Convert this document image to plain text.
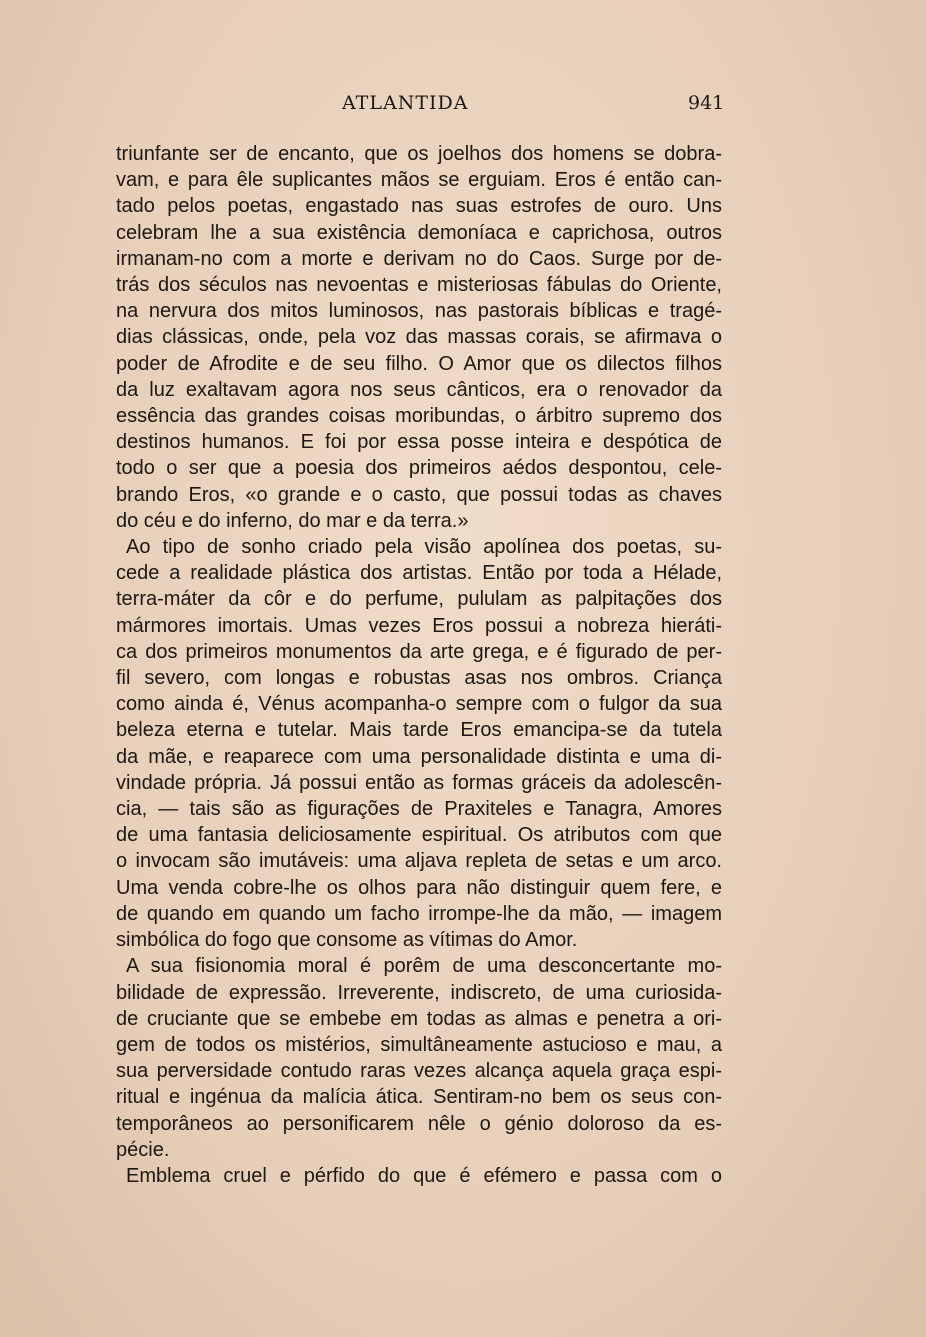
ATLANTIDA	941

triunfante ser de encanto, que os joelhos dos homens se dobra-
vam, e para êle suplicantes mãos se erguiam. Eros é então can-
tado pelos poetas, engastado nas suas estrofes de ouro. Uns
celebram lhe a sua existência demoníaca e caprichosa, outros
irmanam-no com a morte e derivam no do Caos. Surge por de-
trás dos séculos nas nevoentas e misteriosas fábulas do Oriente,
na nervura dos mitos luminosos, nas pastorais bíblicas e tragé-
dias clássicas, onde, pela voz das massas corais, se afirmava o
poder de Afrodite e de seu filho. O Amor que os dilectos filhos
da luz exaltavam agora nos seus cânticos, era o renovador da
essência das grandes coisas moribundas, o árbitro supremo dos
destinos humanos. E foi por essa posse inteira e despótica de
todo o ser que a poesia dos primeiros aédos despontou, cele-
brando Eros, «o grande e o casto, que possui todas as chaves
do céu e do inferno, do mar e da terra.»

Ao tipo de sonho criado pela visão apolínea dos poetas, su-
cede a realidade plástica dos artistas. Então por toda a Hélade,
terra-máter da côr e do perfume, pululam as palpitações dos
mármores imortais. Umas vezes Eros possui a nobreza hieráti-
ca dos primeiros monumentos da arte grega, e é figurado de per-
fil severo, com longas e robustas asas nos ombros. Criança
como ainda é, Vénus acompanha-o sempre com o fulgor da sua
beleza eterna e tutelar. Mais tarde Eros emancipa-se da tutela
da mãe, e reaparece com uma personalidade distinta e uma di-
vindade própria. Já possui então as formas gráceis da adolescên-
cia, — tais são as figurações de Praxiteles e Tanagra, Amores
de uma fantasia deliciosamente espiritual. Os atributos com que
o invocam são imutáveis: uma aljava repleta de setas e um arco.
Uma venda cobre-lhe os olhos para não distinguir quem fere, e
de quando em quando um facho irrompe-lhe da mão, — imagem
simbólica do fogo que consome as vítimas do Amor.

A sua fisionomia moral é porêm de uma desconcertante mo-
bilidade de expressão. Irreverente, indiscreto, de uma curiosida-
de cruciante que se embebe em todas as almas e penetra a ori-
gem de todos os mistérios, simultâneamente astucioso e mau, a
sua perversidade contudo raras vezes alcança aquela graça espi-
ritual e ingénua da malícia ática. Sentiram-no bem os seus con-
temporâneos ao personificarem nêle o génio doloroso da es-
pécie.

Emblema cruel e pérfido do que é efémero e passa com o
